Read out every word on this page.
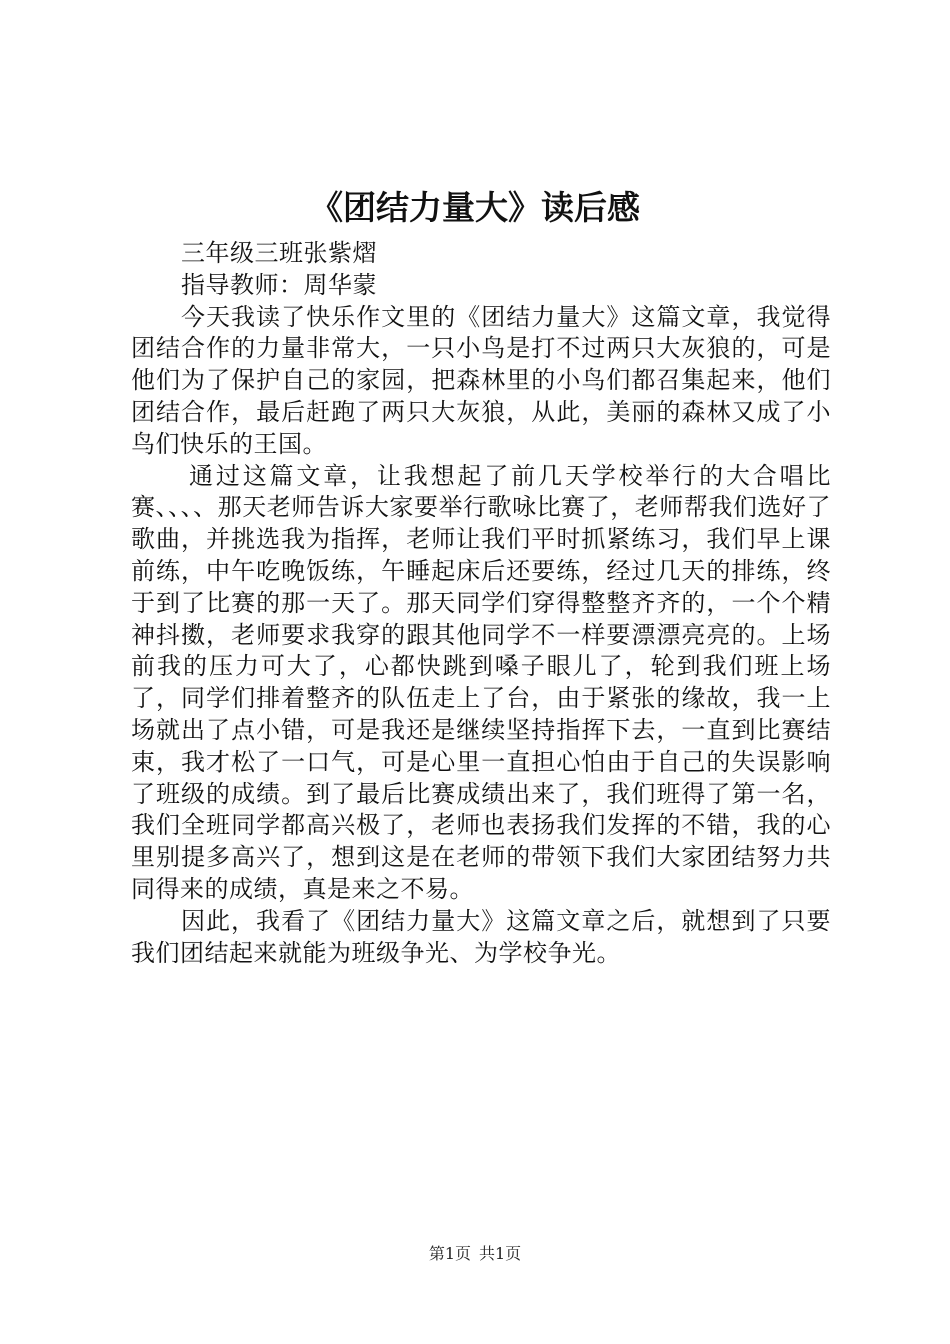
《团结力量大》读后感

三年级三班张紫熠

指导教师：周华蒙

今天我读了快乐作文里的《团结力量大》这篇文章，我觉得团结合作的力量非常大，一只小鸟是打不过两只大灰狼的，可是他们为了保护自己的家园，把森林里的小鸟们都召集起来，他们团结合作，最后赶跑了两只大灰狼，从此，美丽的森林又成了小鸟们快乐的王国。

通过这篇文章，让我想起了前几天学校举行的大合唱比赛、、、、那天老师告诉大家要举行歌咏比赛了，老师帮我们选好了歌曲，并挑选我为指挥，老师让我们平时抓紧练习，我们早上课前练，中午吃晚饭练，午睡起床后还要练，经过几天的排练，终于到了比赛的那一天了。那天同学们穿得整整齐齐的，一个个精神抖擞，老师要求我穿的跟其他同学不一样要漂漂亮亮的。上场前我的压力可大了，心都快跳到嗓子眼儿了，轮到我们班上场了，同学们排着整齐的队伍走上了台，由于紧张的缘故，我一上场就出了点小错，可是我还是继续坚持指挥下去，一直到比赛结束，我才松了一口气，可是心里一直担心怕由于自己的失误影响了班级的成绩。到了最后比赛成绩出来了，我们班得了第一名，我们全班同学都高兴极了，老师也表扬我们发挥的不错，我的心里别提多高兴了，想到这是在老师的带领下我们大家团结努力共同得来的成绩，真是来之不易。

因此，我看了《团结力量大》这篇文章之后，就想到了只要我们团结起来就能为班级争光、为学校争光。

第1页 共1页
